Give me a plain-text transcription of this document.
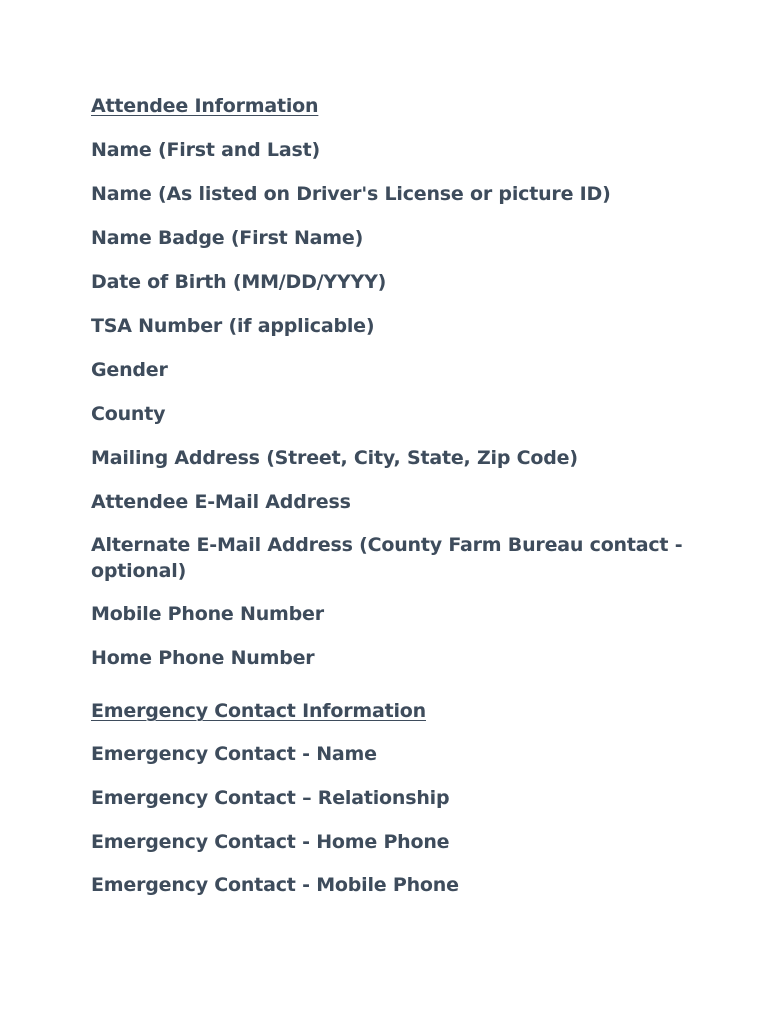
Attendee Information
Name (First and Last)
Name (As listed on Driver's License or picture ID)
Name Badge (First Name)
Date of Birth (MM/DD/YYYY)
TSA Number (if applicable)
Gender
County
Mailing Address (Street, City, State, Zip Code)
Attendee E-Mail Address
Alternate E-Mail Address (County Farm Bureau contact - optional)
Mobile Phone Number
Home Phone Number
Emergency Contact Information
Emergency Contact - Name
Emergency Contact – Relationship
Emergency Contact - Home Phone
Emergency Contact - Mobile Phone
